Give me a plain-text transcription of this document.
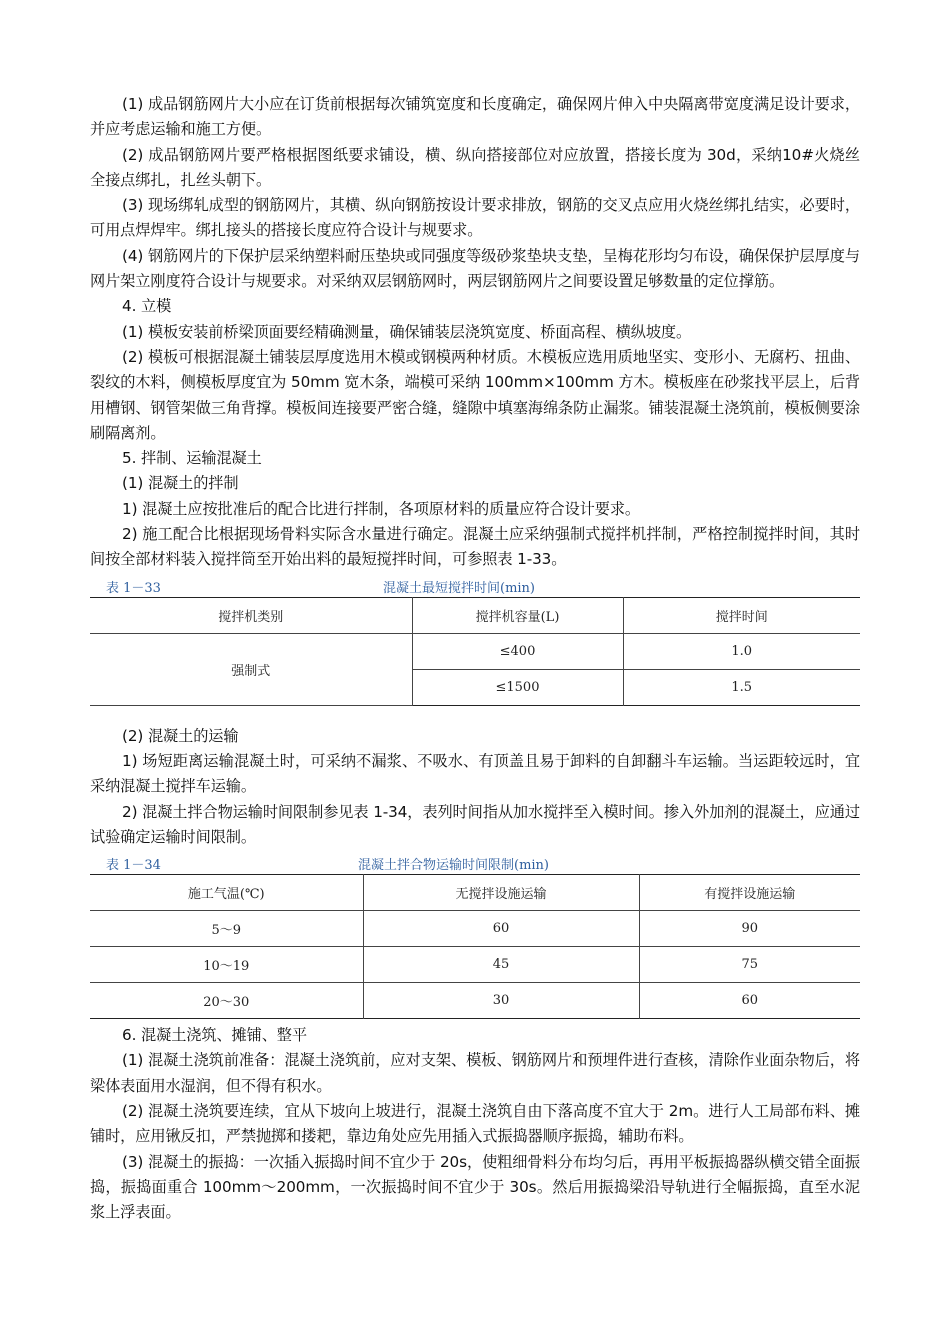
(1) 成品钢筋网片大小应在订货前根据每次铺筑宽度和长度确定，确保网片伸入中央隔离带宽度满足设计要求，并应考虑运输和施工方便。

(2) 成品钢筋网片要严格根据图纸要求铺设，横、纵向搭接部位对应放置，搭接长度为 30d，采纳10#火烧丝全接点绑扎，扎丝头朝下。

(3) 现场绑轧成型的钢筋网片，其横、纵向钢筋按设计要求排放，钢筋的交叉点应用火烧丝绑扎结实，必要时，可用点焊焊牢。绑扎接头的搭接长度应符合设计与规要求。

(4) 钢筋网片的下保护层采纳塑料耐压垫块或同强度等级砂浆垫块支垫，呈梅花形均匀布设，确保保护层厚度与网片架立刚度符合设计与规要求。对采纳双层钢筋网时，两层钢筋网片之间要设置足够数量的定位撑筋。

4. 立模

(1) 模板安装前桥梁顶面要经精确测量，确保铺装层浇筑宽度、桥面高程、横纵坡度。

(2) 模板可根据混凝土铺装层厚度选用木模或钢模两种材质。木模板应选用质地坚实、变形小、无腐朽、扭曲、裂纹的木料，侧模板厚度宜为 50mm 宽木条，端模可采纳 100mm×100mm 方木。模板座在砂浆找平层上，后背用槽钢、钢管架做三角背撑。模板间连接要严密合缝，缝隙中填塞海绵条防止漏浆。铺装混凝土浇筑前，模板侧要涂刷隔离剂。

5. 拌制、运输混凝土

(1) 混凝土的拌制

1) 混凝土应按批准后的配合比进行拌制，各项原材料的质量应符合设计要求。

2) 施工配合比根据现场骨料实际含水量进行确定。混凝土应采纳强制式搅拌机拌制，严格控制搅拌时间，其时间按全部材料装入搅拌筒至开始出料的最短搅拌时间，可参照表 1-33。

表 1－33	混凝土最短搅拌时间(min)
搅拌机类别	搅拌机容量(L)	搅拌时间
强制式	≤400	1.0
	≤1500	1.5

(2) 混凝土的运输

1) 场短距离运输混凝土时，可采纳不漏浆、不吸水、有顶盖且易于卸料的自卸翻斗车运输。当运距较远时，宜采纳混凝土搅拌车运输。

2) 混凝土拌合物运输时间限制参见表 1-34，表列时间指从加水搅拌至入模时间。掺入外加剂的混凝土，应通过试验确定运输时间限制。

表 1－34	混凝土拌合物运输时间限制(min)
施工气温(℃)	无搅拌设施运输	有搅拌设施运输
5～9	60	90
10～19	45	75
20～30	30	60

6. 混凝土浇筑、摊铺、整平

(1) 混凝土浇筑前准备：混凝土浇筑前，应对支架、模板、钢筋网片和预埋件进行查核，清除作业面杂物后，将梁体表面用水湿润，但不得有积水。

(2) 混凝土浇筑要连续，宜从下坡向上坡进行，混凝土浇筑自由下落高度不宜大于 2m。进行人工局部布料、摊铺时，应用锹反扣，严禁抛掷和搂耙，靠边角处应先用插入式振捣器顺序振捣，辅助布料。

(3) 混凝土的振捣：一次插入振捣时间不宜少于 20s，使粗细骨料分布均匀后，再用平板振捣器纵横交错全面振捣，振捣面重合 100mm～200mm，一次振捣时间不宜少于 30s。然后用振捣梁沿导轨进行全幅振捣，直至水泥浆上浮表面。
